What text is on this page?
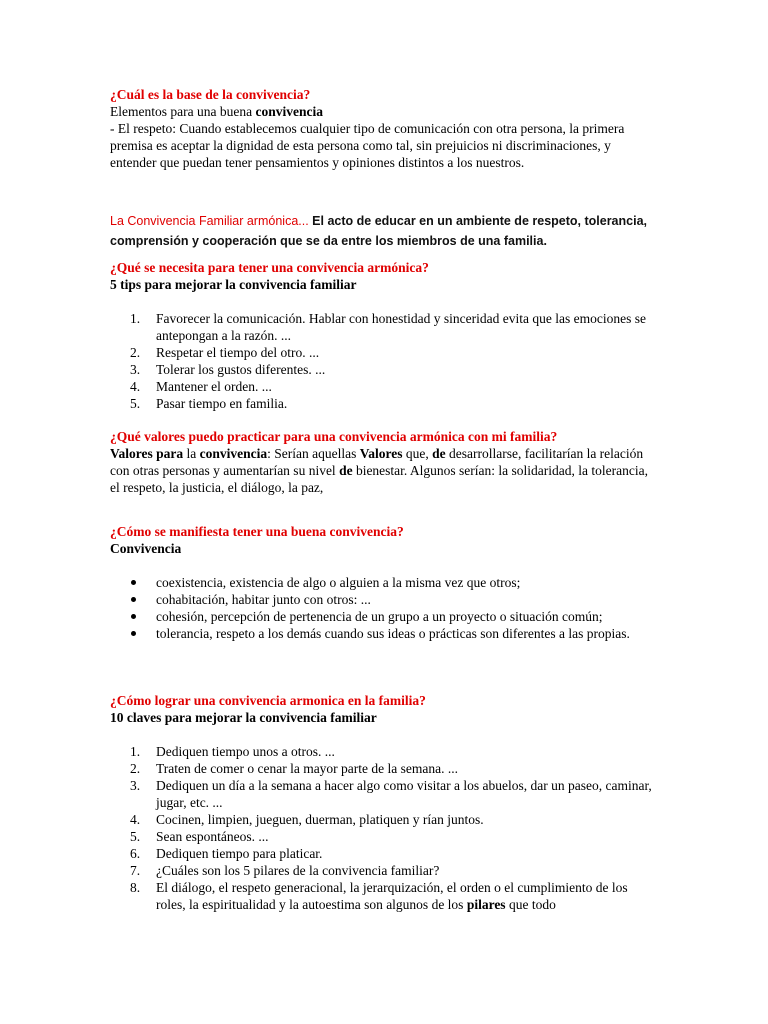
¿Cuál es la base de la convivencia?

Elementos para una buena convivencia

- El respeto: Cuando establecemos cualquier tipo de comunicación con otra persona, la primera premisa es aceptar la dignidad de esta persona como tal, sin prejuicios ni discriminaciones, y entender que puedan tener pensamientos y opiniones distintos a los nuestros.

La Convivencia Familiar armónica... El acto de educar en un ambiente de respeto, tolerancia, comprensión y cooperación que se da entre los miembros de una familia.

¿Qué se necesita para tener una convivencia armónica?

5 tips para mejorar la convivencia familiar

1.	Favorecer la comunicación. Hablar con honestidad y sinceridad evita que las emociones se antepongan a la razón. ...
2.	Respetar el tiempo del otro. ...
3.	Tolerar los gustos diferentes. ...
4.	Mantener el orden. ...
5.	Pasar tiempo en familia.

¿Qué valores puedo practicar para una convivencia armónica con mi familia?

Valores para la convivencia: Serían aquellas Valores que, de desarrollarse, facilitarían la relación con otras personas y aumentarían su nivel de bienestar. Algunos serían: la solidaridad, la tolerancia, el respeto, la justicia, el diálogo, la paz,

¿Cómo se manifiesta tener una buena convivencia?

Convivencia

coexistencia, existencia de algo o alguien a la misma vez que otros;
cohabitación, habitar junto con otros: ...
cohesión, percepción de pertenencia de un grupo a un proyecto o situación común;
tolerancia, respeto a los demás cuando sus ideas o prácticas son diferentes a las propias.

¿Cómo lograr una convivencia armonica en la familia?

10 claves para mejorar la convivencia familiar

1.	Dediquen tiempo unos a otros. ...
2.	Traten de comer o cenar la mayor parte de la semana. ...
3.	Dediquen un día a la semana a hacer algo como visitar a los abuelos, dar un paseo, caminar, jugar, etc. ...
4.	Cocinen, limpien, jueguen, duerman, platiquen y rían juntos.
5.	Sean espontáneos. ...
6.	Dediquen tiempo para platicar.
7.	¿Cuáles son los 5 pilares de la convivencia familiar?
8.	El diálogo, el respeto generacional, la jerarquización, el orden o el cumplimiento de los roles, la espiritualidad y la autoestima son algunos de los pilares que todo
